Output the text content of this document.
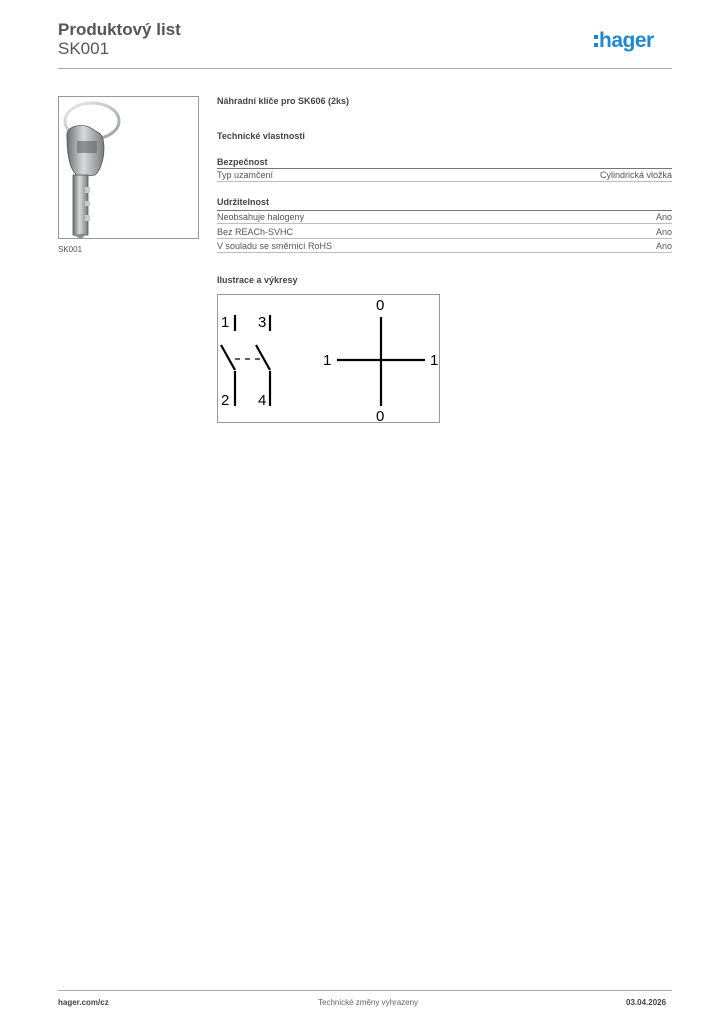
Produktový list
SK001	hager
SK001
Náhradní klíče pro SK606 (2ks)
Technické vlastnosti
Bezpečnost
Typ uzamčení	Cylindrická vložka
Udržitelnost
Neobsahuje halogeny	Ano
Bez REACh-SVHC	Ano
V souladu se směrnicí RoHS	Ano
Ilustrace a výkresy
1 3
2 4
0
1	1
0
hager.com/cz	Technické změny vyhrazeny	03.04.2026
